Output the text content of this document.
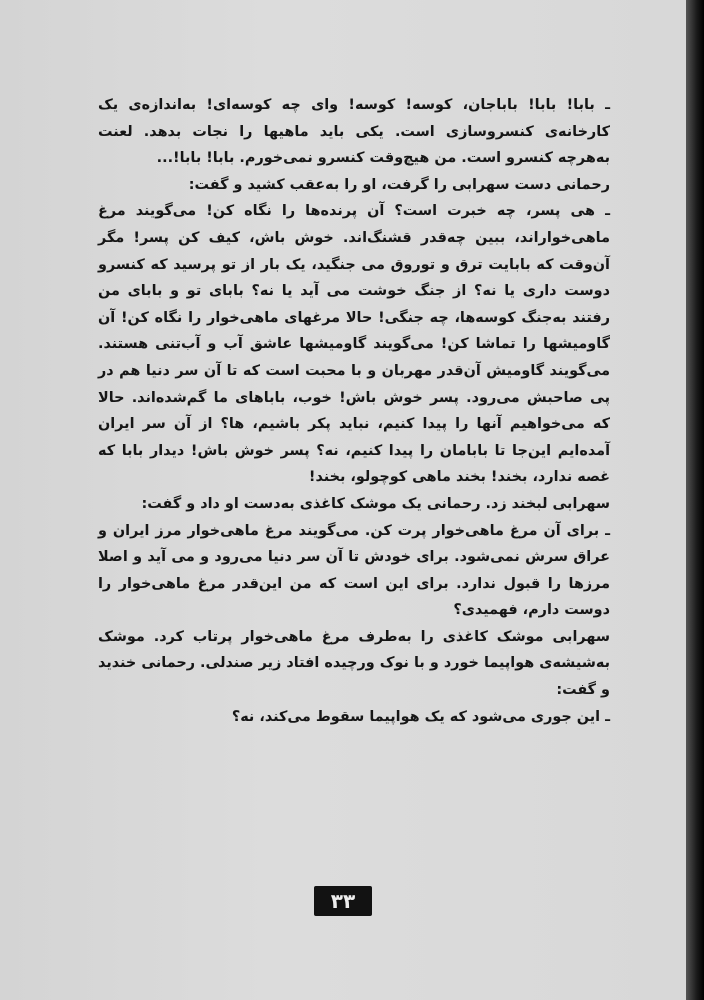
ـ بابا! بابا! باباجان، کوسه! کوسه! وای چه کوسه‌ای! به‌اندازه‌ی یک کارخانه‌ی کنسروسازی است. یکی باید ماهیها را نجات بدهد. لعنت به‌هرچه کنسرو است. من هیچ‌وقت کنسرو نمی‌خورم. بابا! بابا!...

رحمانی دست سهرابی را گرفت، او را به‌عقب کشید و گفت:

ـ هی پسر، چه خبرت است؟ آن پرنده‌ها را نگاه کن! می‌گویند مرغ ماهی‌خواراند، ببین چه‌قدر قشنگ‌اند. خوش باش، کیف کن پسر! مگر آن‌وقت که بابایت ترق و توروق می جنگید، یک بار از تو پرسید که کنسرو دوست داری یا نه؟ از جنگ خوشت می آید یا نه؟ بابای تو و بابای من رفتند به‌جنگ کوسه‌ها، چه جنگی! حالا مرغهای ماهی‌خوار را نگاه کن! آن گاومیشها را تماشا کن! می‌گویند گاومیشها عاشق آب و آب‌تنی هستند. می‌گویند گاومیش آن‌قدر مهربان و با محبت است که تا آن سر دنیا هم در پی صاحبش می‌رود. پسر خوش باش! خوب، باباهای ما گم‌شده‌اند. حالا که می‌خواهیم آنها را پیدا کنیم، نباید پکر باشیم، ها؟ از آن سر ایران آمده‌ایم این‌جا تا بابامان را پیدا کنیم، نه؟ پسر خوش باش! دیدار بابا که غصه ندارد، بخند! بخند ماهی کوچولو، بخند!

سهرابی لبخند زد. رحمانی یک موشک کاغذی به‌دست او داد و گفت:

ـ برای آن مرغ ماهی‌خوار پرت کن. می‌گویند مرغ ماهی‌خوار مرز ایران و عراق سرش نمی‌شود. برای خودش تا آن سر دنیا می‌رود و می آید و اصلا مرزها را قبول ندارد. برای این است که من این‌قدر مرغ ماهی‌خوار را دوست دارم، فهمیدی؟

سهرابی موشک کاغذی را به‌طرف مرغ ماهی‌خوار پرتاب کرد. موشک به‌شیشه‌ی هواپیما خورد و با نوک ورچیده افتاد زیر صندلی. رحمانی خندید و گفت:

ـ این جوری می‌شود که یک هواپیما سقوط می‌کند، نه؟

۳۳
